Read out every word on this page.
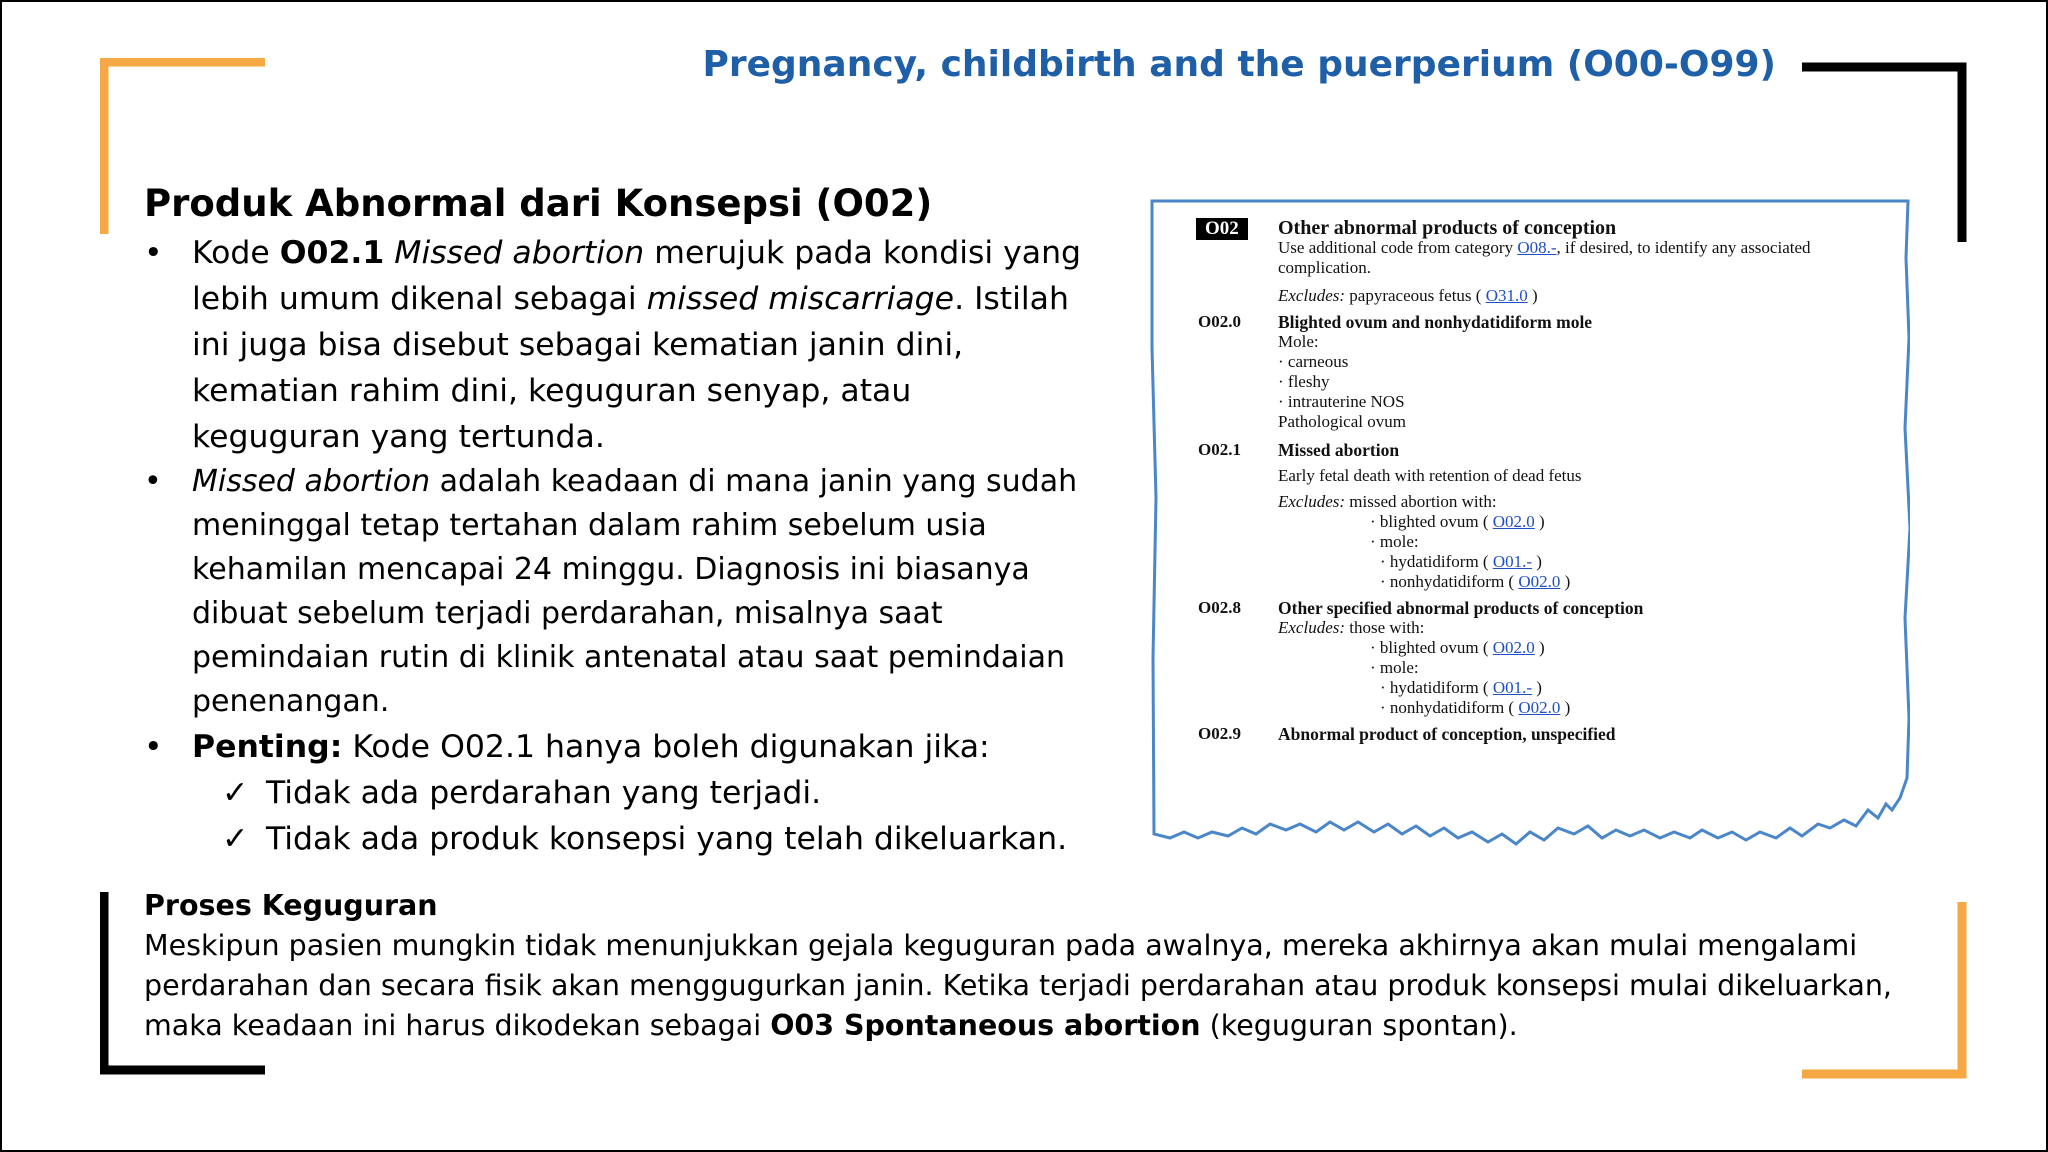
Pregnancy, childbirth and the puerperium (O00-O99)
Produk Abnormal dari Konsepsi (O02)
• Kode O02.1 Missed abortion merujuk pada kondisi yang lebih umum dikenal sebagai missed miscarriage. Istilah ini juga bisa disebut sebagai kematian janin dini, kematian rahim dini, keguguran senyap, atau keguguran yang tertunda.
• Missed abortion adalah keadaan di mana janin yang sudah meninggal tetap tertahan dalam rahim sebelum usia kehamilan mencapai 24 minggu. Diagnosis ini biasanya dibuat sebelum terjadi perdarahan, misalnya saat pemindaian rutin di klinik antenatal atau saat pemindaian penenangan.
• Penting: Kode O02.1 hanya boleh digunakan jika:
✓ Tidak ada perdarahan yang terjadi.
✓ Tidak ada produk konsepsi yang telah dikeluarkan.
O02	Other abnormal products of conception
Use additional code from category O08.-, if desired, to identify any associated complication.
Excludes: papyraceous fetus ( O31.0 )
O02.0 Blighted ovum and nonhydatidiform mole
Mole:
· carneous
· fleshy
· intrauterine NOS
Pathological ovum
O02.1 Missed abortion
Early fetal death with retention of dead fetus
Excludes: missed abortion with:
· blighted ovum ( O02.0 )
· mole:
· hydatidiform ( O01.- )
· nonhydatidiform ( O02.0 )
O02.8 Other specified abnormal products of conception
Excludes: those with:
· blighted ovum ( O02.0 )
· mole:
· hydatidiform ( O01.- )
· nonhydatidiform ( O02.0 )
O02.9 Abnormal product of conception, unspecified
Proses Keguguran
Meskipun pasien mungkin tidak menunjukkan gejala keguguran pada awalnya, mereka akhirnya akan mulai mengalami perdarahan dan secara fisik akan menggugurkan janin. Ketika terjadi perdarahan atau produk konsepsi mulai dikeluarkan, maka keadaan ini harus dikodekan sebagai O03 Spontaneous abortion (keguguran spontan).
